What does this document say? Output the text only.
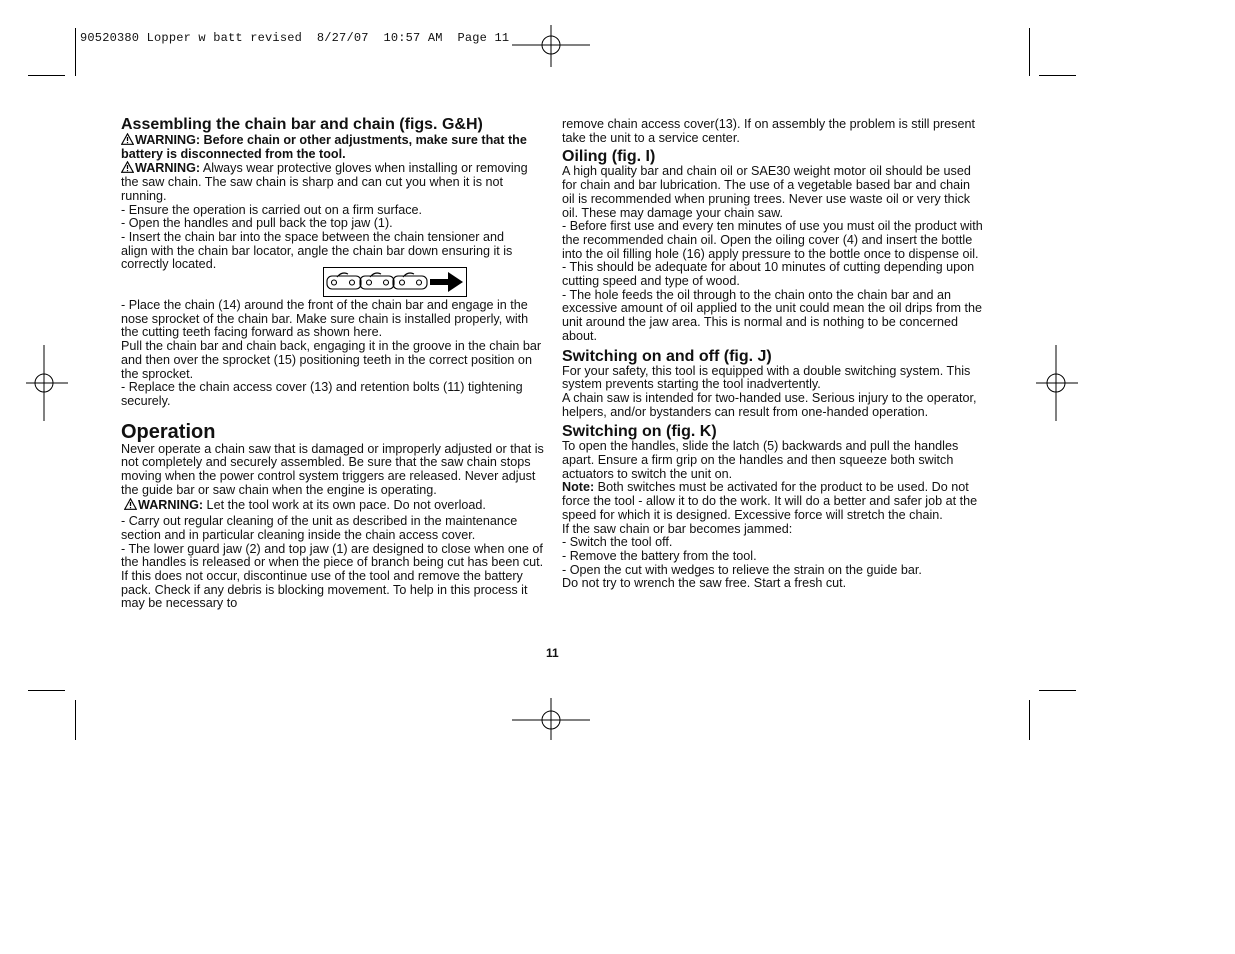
90520380 Lopper w batt revised  8/27/07  10:57 AM  Page 11

Assembling the chain bar and chain (figs. G&H)

WARNING: Before chain or other adjustments, make sure that the battery is disconnected from the tool.

WARNING: Always wear protective gloves when installing or removing the saw chain. The saw chain is sharp and can cut you when it is not running.

- Ensure the operation is carried out on a firm surface.

- Open the handles and pull back the top jaw (1).

- Insert the chain bar into the space between the chain tensioner and align with the chain bar locator, angle the chain bar down ensuring it is correctly located.

- Place the chain (14) around the front of the chain bar and engage in the nose sprocket of the chain bar. Make sure chain is installed properly, with the cutting teeth facing forward as shown here.

Pull the chain bar and chain back, engaging it in the groove in the chain bar and then over the sprocket (15) positioning teeth in the correct position on the sprocket.

- Replace the chain access cover (13) and retention bolts (11) tightening securely.

Operation

Never operate a chain saw that is damaged or improperly adjusted or that is not completely and securely assembled. Be sure that the saw chain stops moving when the power control system triggers are released. Never adjust the guide bar or saw chain when the engine is operating.

WARNING: Let the tool work at its own pace. Do not overload.

- Carry out regular cleaning of the unit as described in the maintenance section and in particular cleaning inside the chain access cover.

- The lower guard jaw (2) and top jaw (1) are designed to close when one of the handles is released or when the piece of branch being cut has been cut. If this does not occur, discontinue use of the tool and remove the battery pack. Check if any debris is blocking movement. To help in this process it may be necessary to

remove chain access cover(13). If on assembly the problem is still present take the unit to a service center.

Oiling (fig. I)

A high quality bar and chain oil or SAE30 weight motor oil should be used for chain and bar lubrication. The use of a vegetable based bar and chain oil is recommended when pruning trees. Never use waste oil or very thick oil. These may damage your chain saw.

- Before first use and every ten minutes of use you must oil the product with the recommended chain oil. Open the oiling cover (4) and insert the bottle into the oil filling hole (16) apply pressure to the bottle once to dispense oil.

- This should be adequate for about 10 minutes of cutting depending upon cutting speed and type of wood.

- The hole feeds the oil through to the chain onto the chain bar and an excessive amount of oil applied to the unit could mean the oil drips from the unit around the jaw area. This is normal and is nothing to be concerned about.

Switching on and off (fig. J)

For your safety, this tool is equipped with a double switching system. This system prevents starting the tool inadvertently.

A chain saw is intended for two-handed use. Serious injury to the operator, helpers, and/or bystanders can result from one-handed operation.

Switching on (fig. K)

To open the handles, slide the latch (5) backwards and pull the handles apart. Ensure a firm grip on the handles and then squeeze both switch actuators to switch the unit on.

Note: Both switches must be activated for the product to be used. Do not force the tool - allow it to do the work. It will do a better and safer job at the speed for which it is designed. Excessive force will stretch the chain.

If the saw chain or bar becomes jammed:

- Switch the tool off.

- Remove the battery from the tool.

- Open the cut with wedges to relieve the strain on the guide bar.

Do not try to wrench the saw free. Start a fresh cut.

11
